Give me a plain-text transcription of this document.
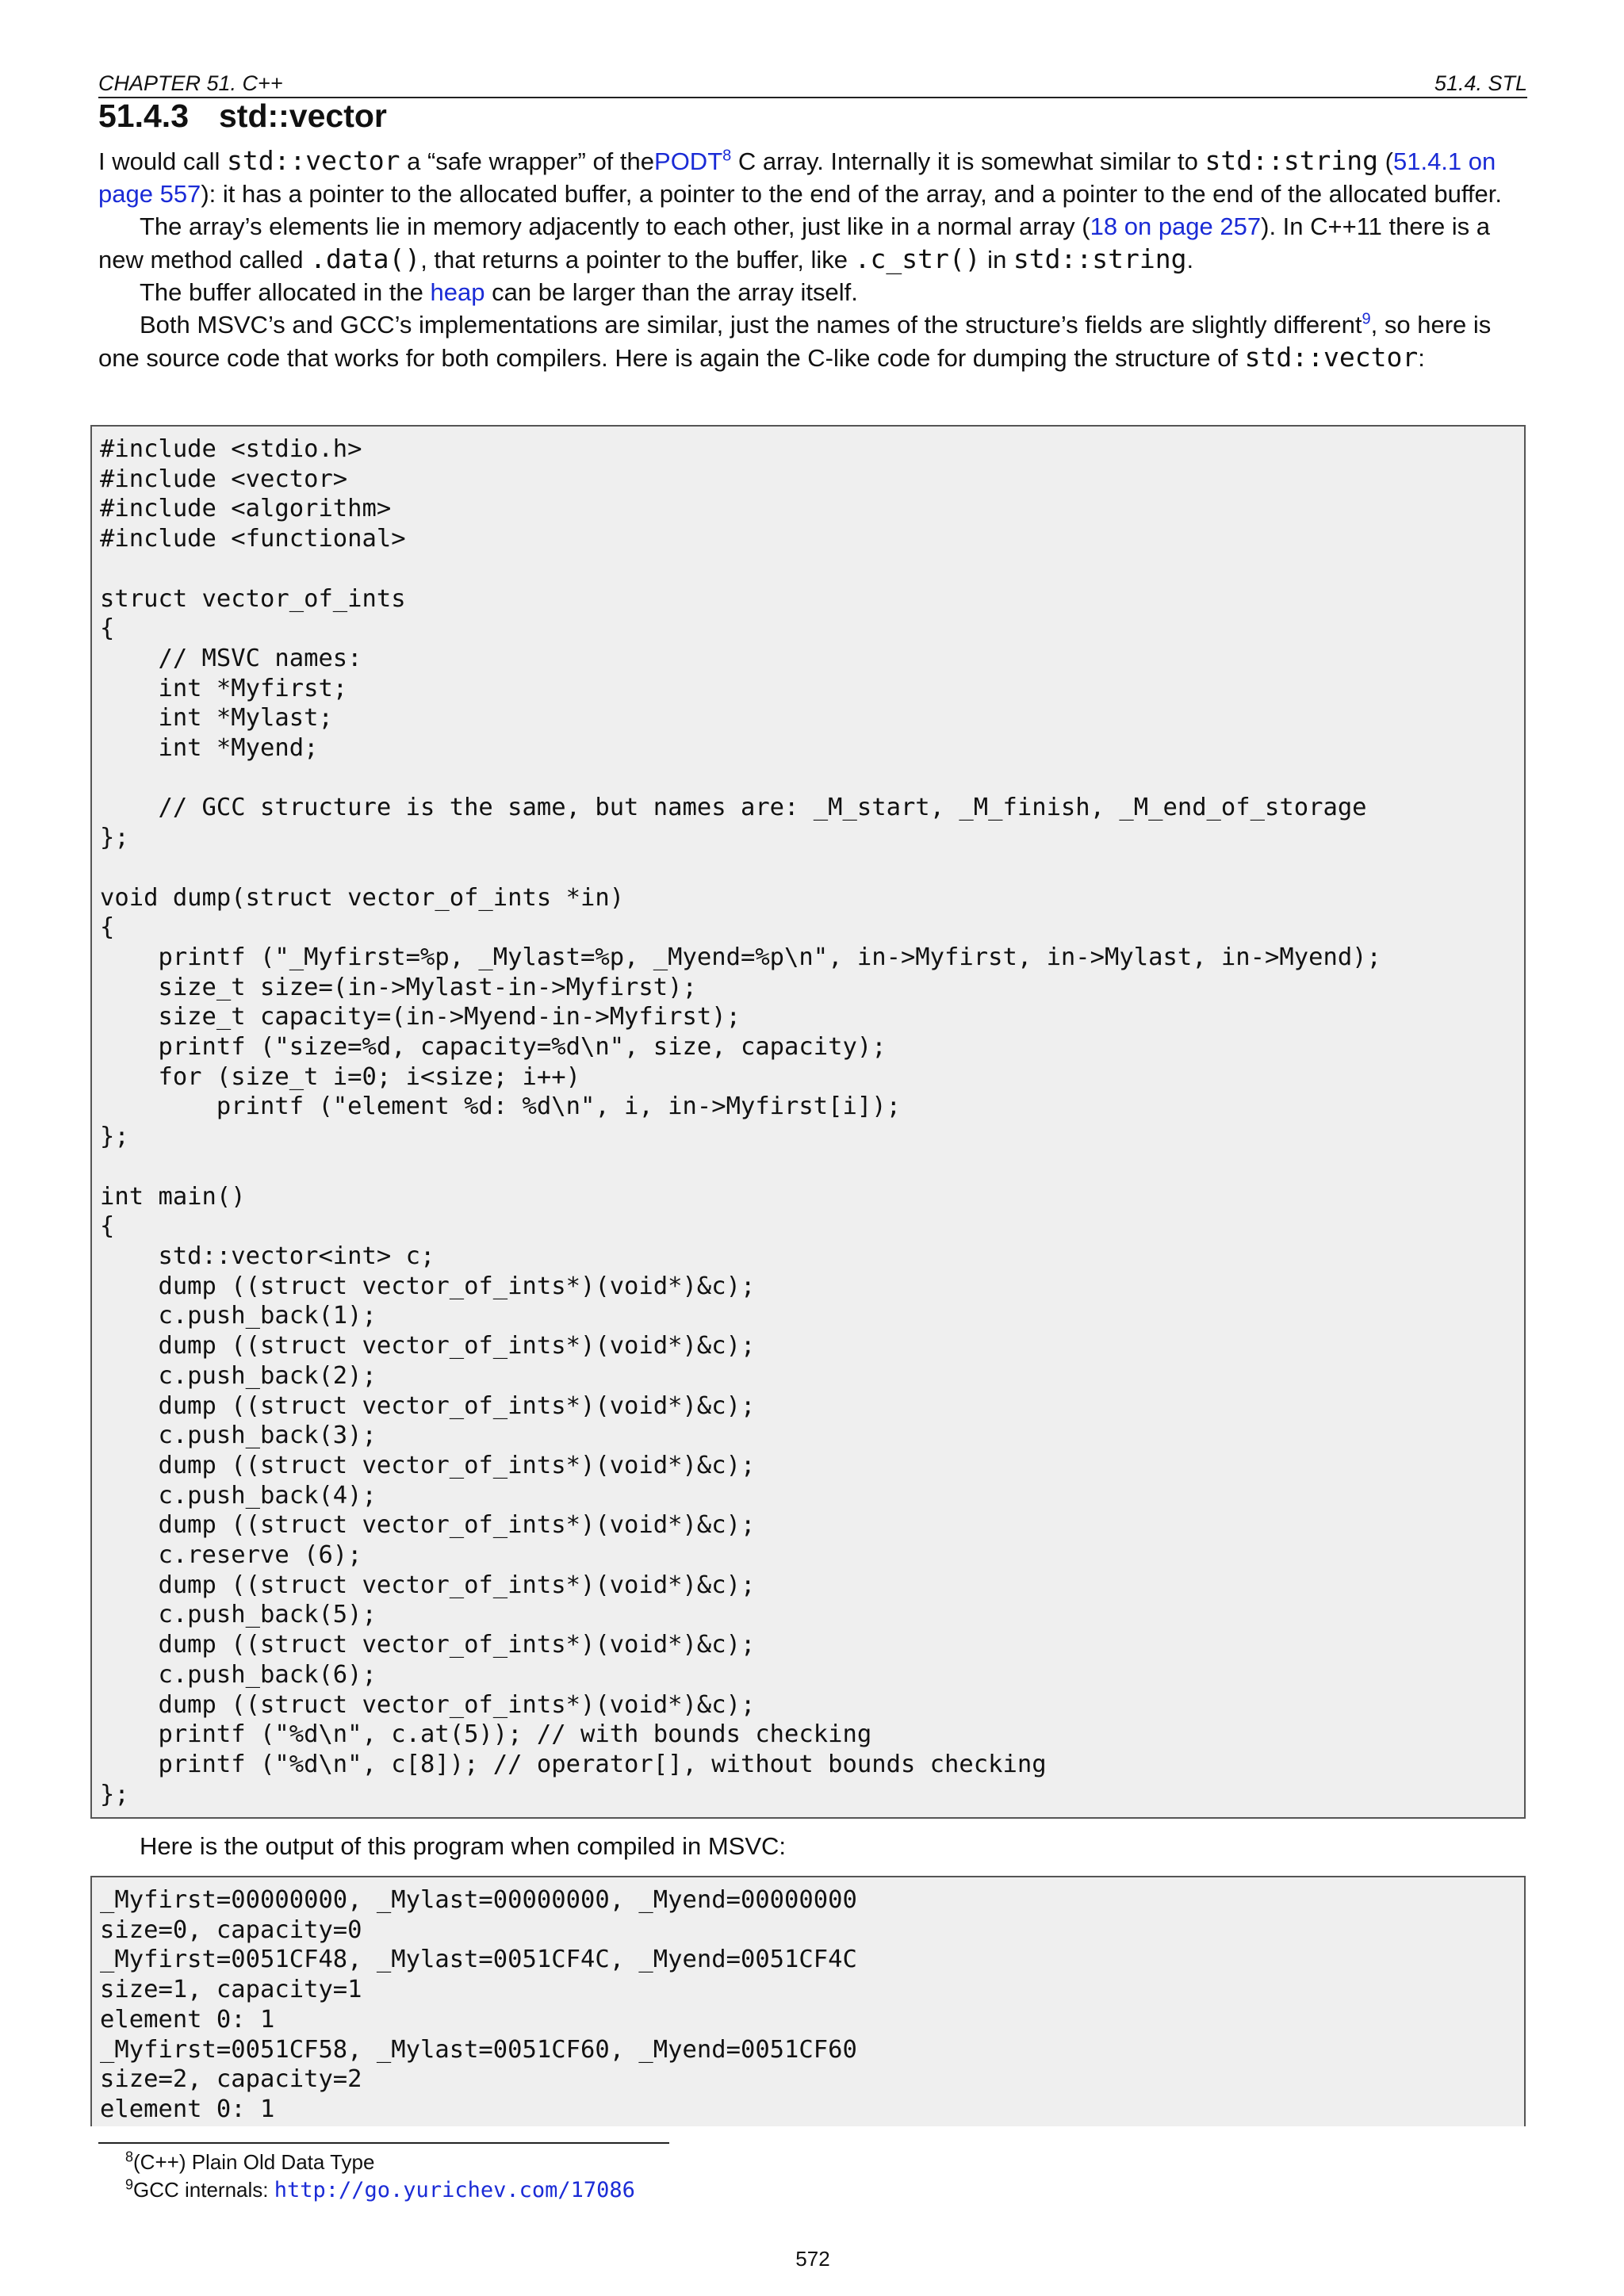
CHAPTER 51. C++	51.4. STL
51.4.3 std::vector

I would call std::vector a “safe wrapper” of thePODT$^8$ C array. Internally it is somewhat similar to std::string (51.4.1 on page 557): it has a pointer to the allocated buffer, a pointer to the end of the array, and a pointer to the end of the allocated buffer.

The array’s elements lie in memory adjacently to each other, just like in a normal array (18 on page 257). In C++11 there is a new method called .data(), that returns a pointer to the buffer, like .c_str() in std::string.

The buffer allocated in the heap can be larger than the array itself.

Both MSVC’s and GCC’s implementations are similar, just the names of the structure’s fields are slightly different$^9$, so here is one source code that works for both compilers. Here is again the C-like code for dumping the structure of std::vector:

#include <stdio.h>
#include <vector>
#include <algorithm>
#include <functional>

struct vector_of_ints
{
// MSVC names:
int *Myfirst;
int *Mylast;
int *Myend;

// GCC structure is the same, but names are: _M_start, _M_finish, _M_end_of_storage
};

void dump(struct vector_of_ints *in)
{
printf ("_Myfirst=%p, _Mylast=%p, _Myend=%p\n", in->Myfirst, in->Mylast, in->Myend);
size_t size=(in->Mylast-in->Myfirst);
size_t capacity=(in->Myend-in->Myfirst);
printf ("size=%d, capacity=%d\n", size, capacity);
for (size_t i=0; i<size; i++)
printf ("element %d: %d\n", i, in->Myfirst[i]);
};

int main()
{
std::vector<int> c;
dump ((struct vector_of_ints*)(void*)&c);
c.push_back(1);
dump ((struct vector_of_ints*)(void*)&c);
c.push_back(2);
dump ((struct vector_of_ints*)(void*)&c);
c.push_back(3);
dump ((struct vector_of_ints*)(void*)&c);
c.push_back(4);
dump ((struct vector_of_ints*)(void*)&c);
c.reserve (6);
dump ((struct vector_of_ints*)(void*)&c);
c.push_back(5);
dump ((struct vector_of_ints*)(void*)&c);
c.push_back(6);
dump ((struct vector_of_ints*)(void*)&c);
printf ("%d\n", c.at(5)); // with bounds checking
printf ("%d\n", c[8]); // operator[], without bounds checking
};

Here is the output of this program when compiled in MSVC:

_Myfirst=00000000, _Mylast=00000000, _Myend=00000000
size=0, capacity=0
_Myfirst=0051CF48, _Mylast=0051CF4C, _Myend=0051CF4C
size=1, capacity=1
element 0: 1
_Myfirst=0051CF58, _Mylast=0051CF60, _Myend=0051CF60
size=2, capacity=2
element 0: 1
$^8$(C++) Plain Old Data Type
$^9$GCC internals: http://go.yurichev.com/17086
572
